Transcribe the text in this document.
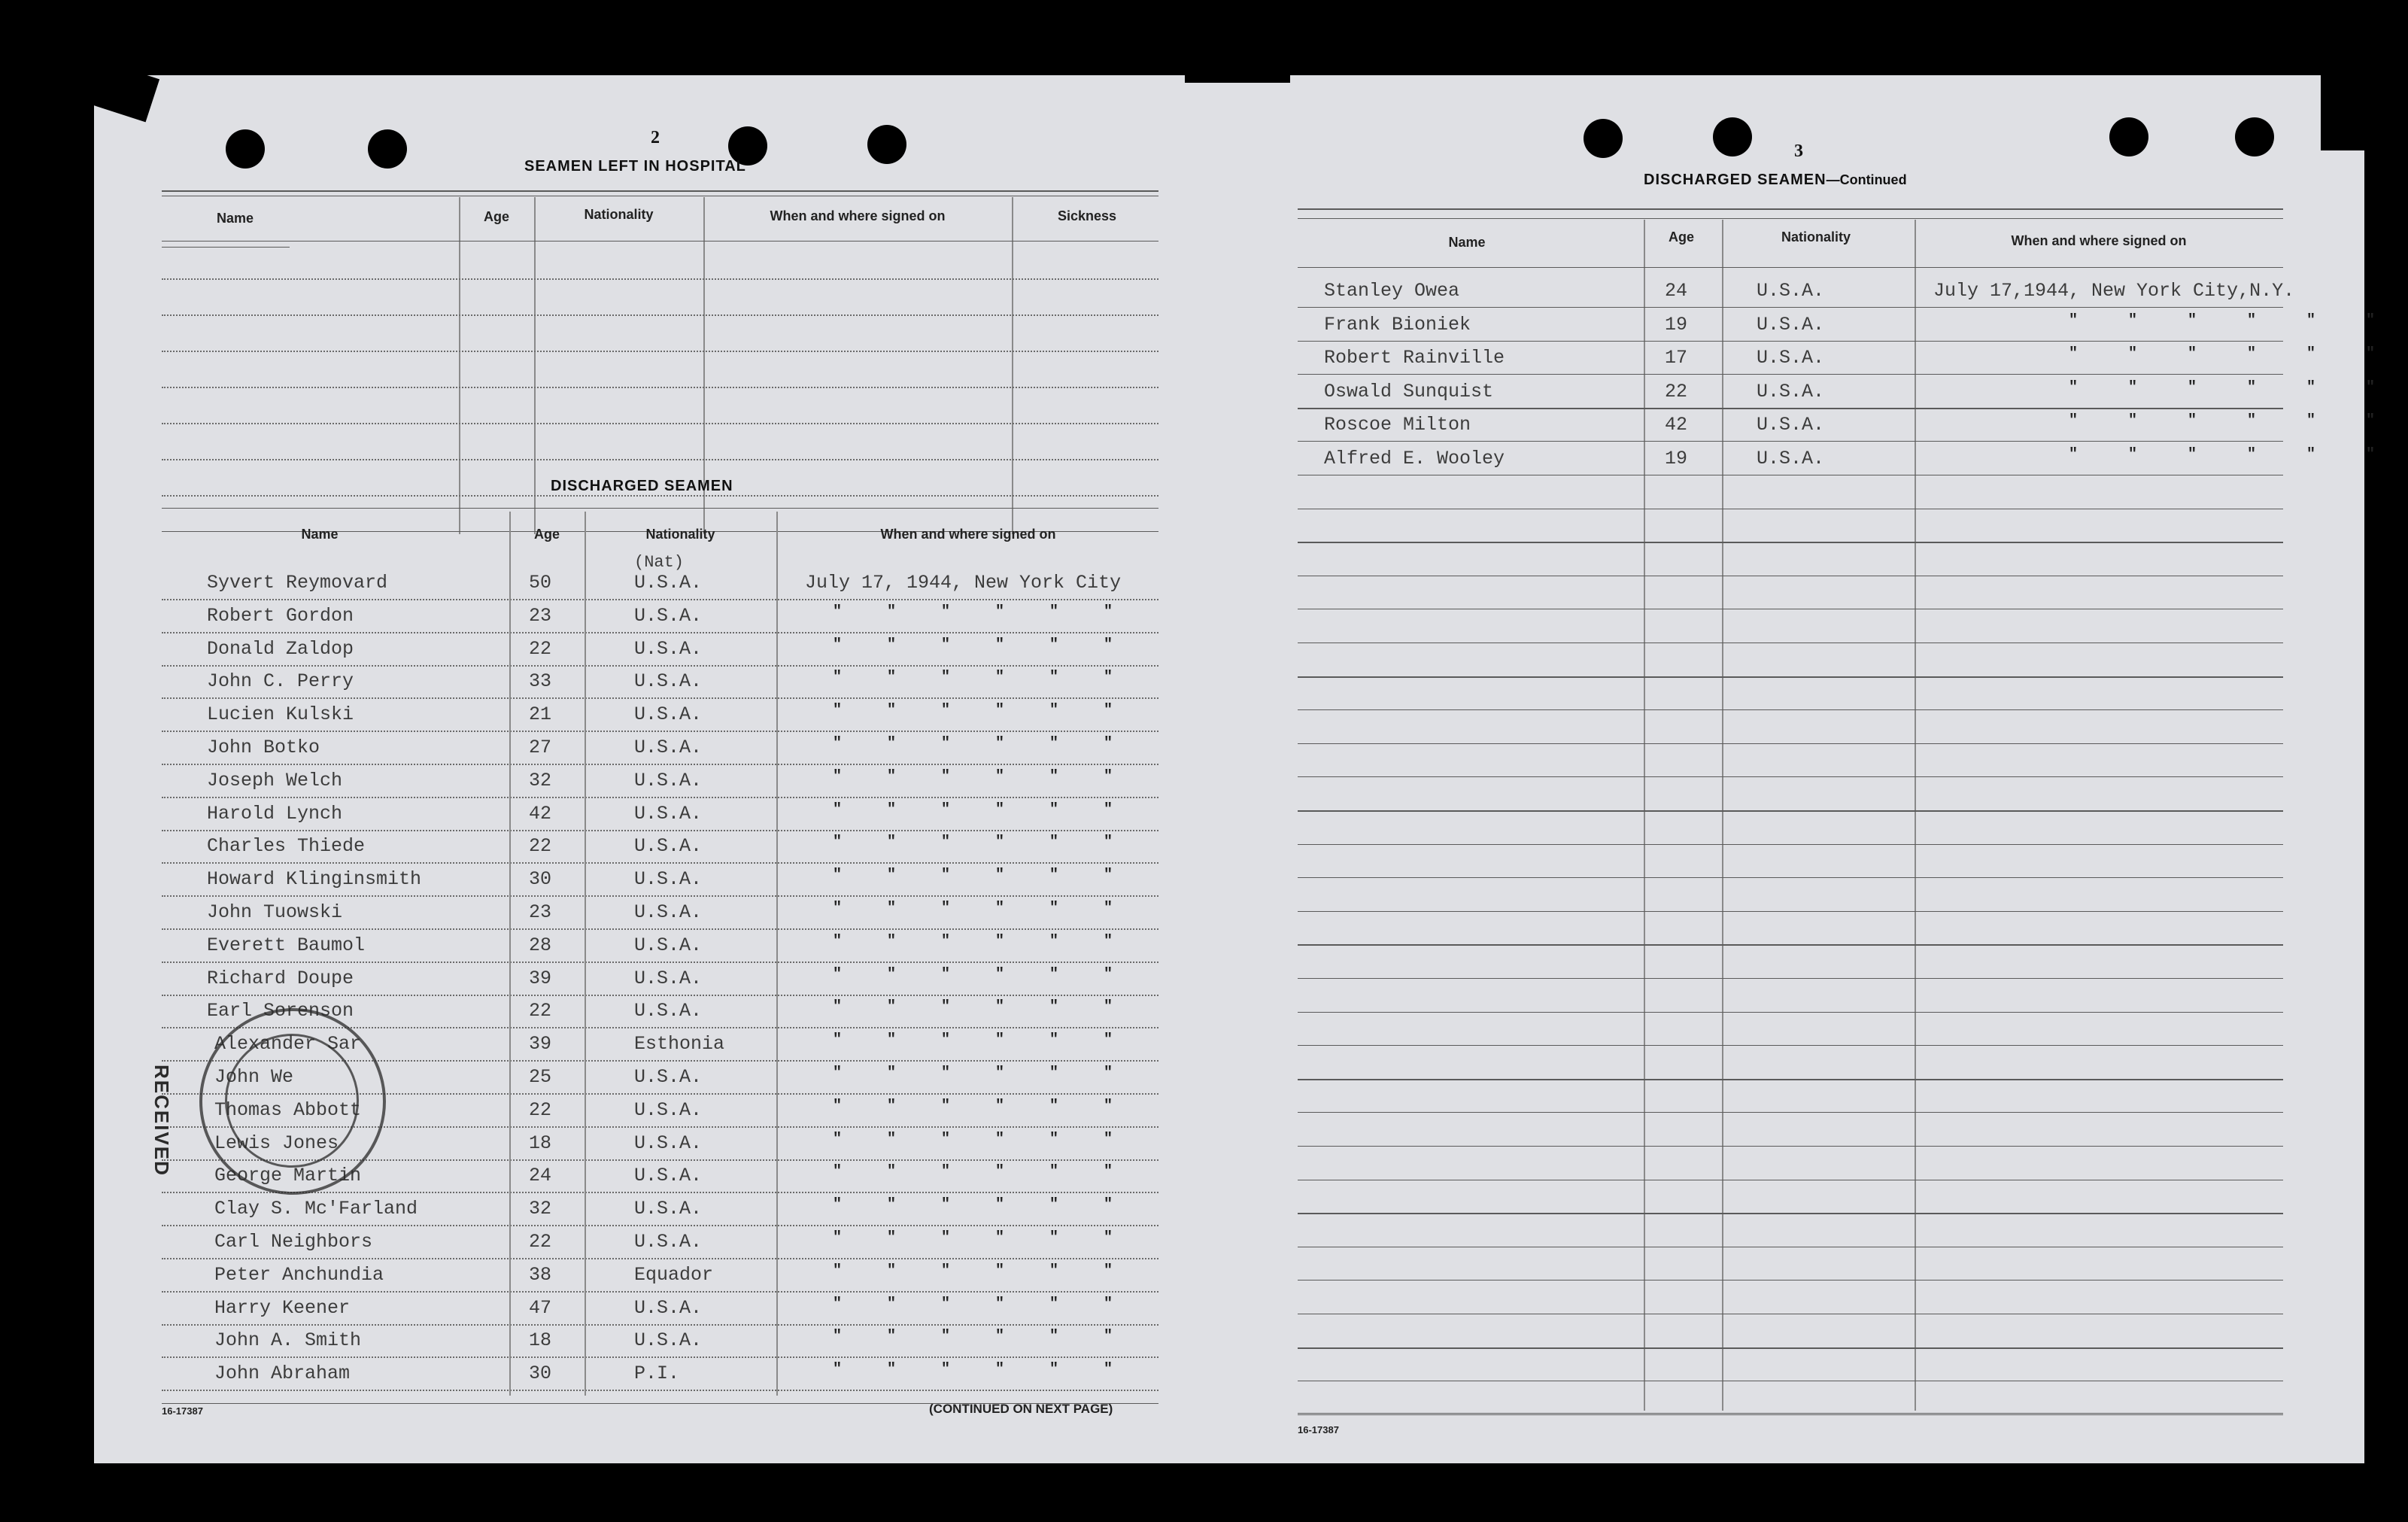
2
SEAMEN LEFT IN HOSPITAL
Name	Age	Nationality	When and where signed on	Sickness
DISCHARGED SEAMEN
Name	Age	Nationality	When and where signed on
(Nat)
Syvert Reymovard	50	U.S.A.	July 17, 1944, New York City
Robert Gordon	23	U.S.A.	" " " " " "
Donald Zaldop	22	U.S.A.	" " " " " "
John C. Perry	33	U.S.A.	" " " " " "
Lucien Kulski	21	U.S.A.	" " " " " "
John Botko	27	U.S.A.	" " " " " "
Joseph Welch	32	U.S.A.	" " " " " "
Harold Lynch	42	U.S.A.	" " " " " "
Charles Thiede	22	U.S.A.	" " " " " "
Howard Klinginsmith	30	U.S.A.	" " " " " "
John Tuowski	23	U.S.A.	" " " " " "
Everett Baumol	28	U.S.A.	" " " " " "
Richard Doupe	39	U.S.A.	" " " " " "
Earl Sorenson	22	U.S.A.	" " " " " "
Alexander Sar	39	Esthonia	" " " " " "
John We	25	U.S.A.	" " " " " "
Thomas Abbott	22	U.S.A.	" " " " " "
Lewis Jones	18	U.S.A.	" " " " " "
George Martin	24	U.S.A.	" " " " " "
Clay S. Mc'Farland	32	U.S.A.	" " " " " "
Carl Neighbors	22	U.S.A.	" " " " " "
Peter Anchundia	38	Equador	" " " " " "
Harry Keener	47	U.S.A.	" " " " " "
John A. Smith	18	U.S.A.	" " " " " "
John Abraham	30	P.I.	" " " " " "
16-17387	(CONTINUED ON NEXT PAGE)
RECEIVED
3
DISCHARGED SEAMEN—Continued
Name	Age	Nationality	When and where signed on
Stanley Owea	24	U.S.A.	July 17,1944, New York City,N.Y.
Frank Bioniek	19	U.S.A.	" " " " " "
Robert Rainville	17	U.S.A.	" " " " " "
Oswald Sunquist	22	U.S.A.	" " " " " "
Roscoe Milton	42	U.S.A.	" " " " " "
Alfred E. Wooley	19	U.S.A.	" " " " " "
16-17387
